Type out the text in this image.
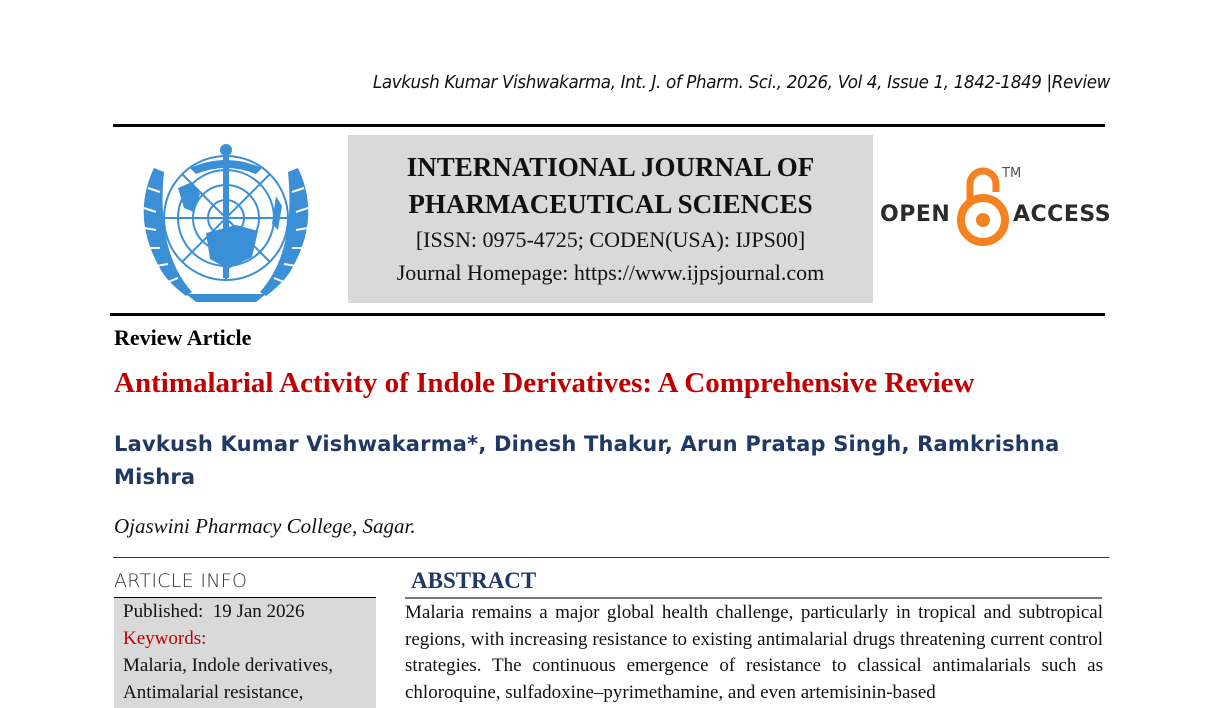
Lavkush Kumar Vishwakarma, Int. J. of Pharm. Sci., 2026, Vol 4, Issue 1, 1842-1849 |Review
INTERNATIONAL JOURNAL OF
PHARMACEUTICAL SCIENCES
[ISSN: 0975-4725; CODEN(USA): IJPS00]
Journal Homepage: https://www.ijpsjournal.com
OPEN
TM
ACCESS
Review Article
Antimalarial Activity of Indole Derivatives: A Comprehensive Review
Lavkush Kumar Vishwakarma*, Dinesh Thakur, Arun Pratap Singh, Ramkrishna
Mishra
Ojaswini Pharmacy College, Sagar.
ARTICLE INFO
Published: 19 Jan 2026
Keywords:
Malaria, Indole derivatives,
Antimalarial resistance,
ABSTRACT
Malaria remains a major global health challenge, particularly in tropical and subtropical regions, with increasing resistance to existing antimalarial drugs threatening current control strategies. The continuous emergence of resistance to classical antimalarials such as chloroquine, sulfadoxine–pyrimethamine, and even artemisinin-based
